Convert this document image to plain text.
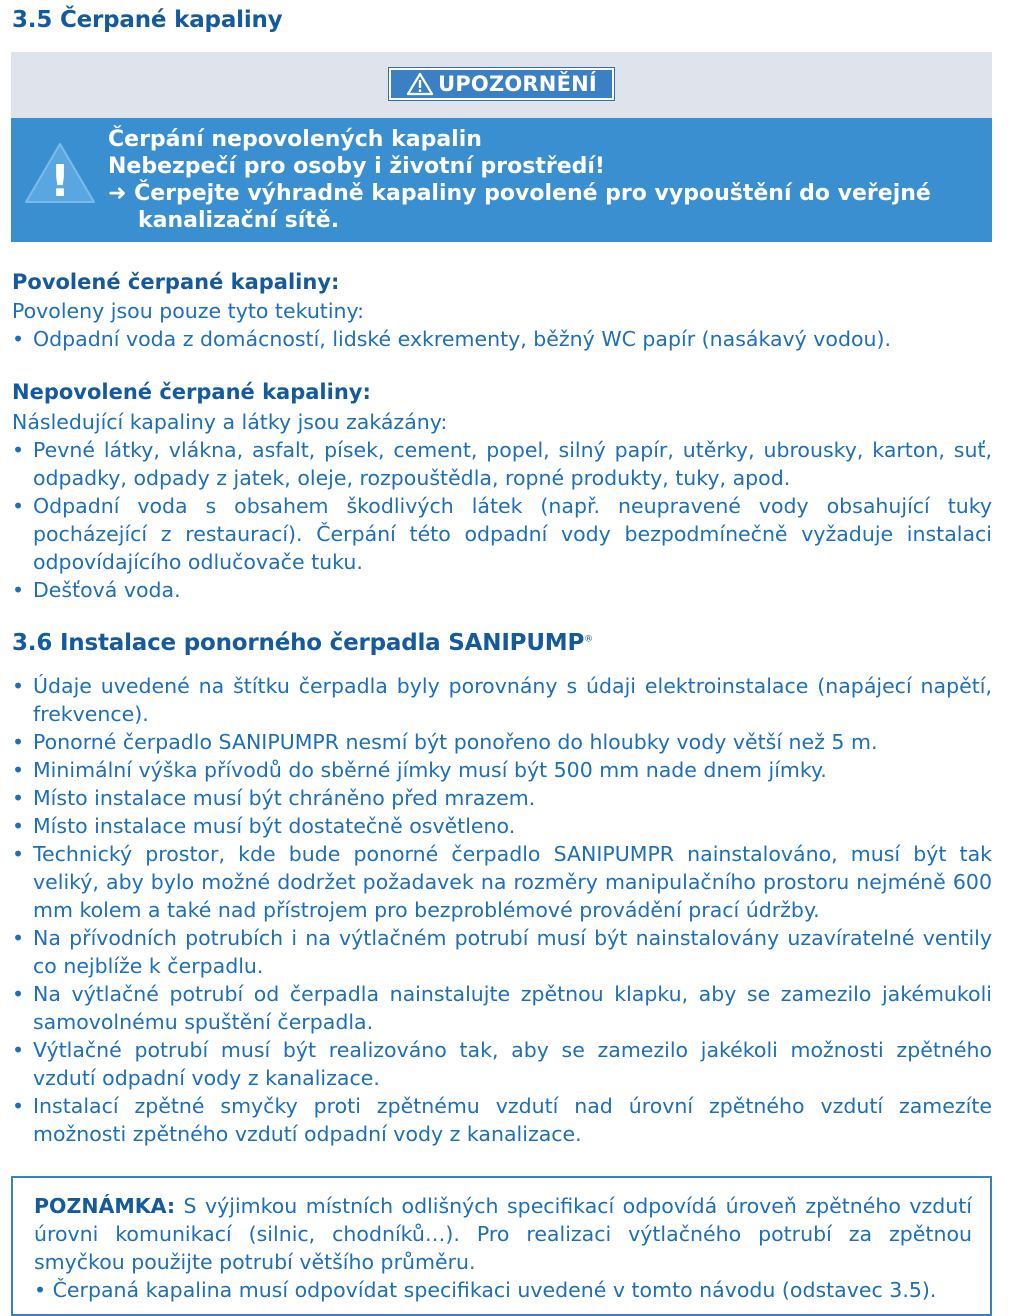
3.5 Čerpané kapaliny
UPOZORNĚNÍ
!
Čerpání nepovolených kapalin
Nebezpečí pro osoby i životní prostředí!
➜ Čerpejte výhradně kapaliny povolené pro vypouštění do veřejné kanalizační sítě.
Povolené čerpané kapaliny:

Povoleny jsou pouze tyto tekutiny:

• Odpadní voda z domácností, lidské exkrementy, běžný WC papír (nasákavý vodou).
Nepovolené čerpané kapaliny:

Následující kapaliny a látky jsou zakázány:

• Pevné látky, vlákna, asfalt, písek, cement, popel, silný papír, utěrky, ubrousky, karton, suť, odpadky, odpady z jatek, oleje, rozpouštědla, ropné produkty, tuky, apod.
• Odpadní voda s obsahem škodlivých látek (např. neupravené vody obsahující tuky pocházející z restaurací). Čerpání této odpadní vody bezpodmínečně vyžaduje instalaci odpovídajícího odlučovače tuku.
• Dešťová voda.
3.6 Instalace ponorného čerpadla SANIPUMP®
• Údaje uvedené na štítku čerpadla byly porovnány s údaji elektroinstalace (napájecí napětí, frekvence).
• Ponorné čerpadlo SANIPUMPR nesmí být ponořeno do hloubky vody větší než 5 m.
• Minimální výška přívodů do sběrné jímky musí být 500 mm nade dnem jímky.
• Místo instalace musí být chráněno před mrazem.
• Místo instalace musí být dostatečně osvětleno.
• Technický prostor, kde bude ponorné čerpadlo SANIPUMPR nainstalováno, musí být tak veliký, aby bylo možné dodržet požadavek na rozměry manipulačního prostoru nejméně 600 mm kolem a také nad přístrojem pro bezproblémové provádění prací údržby.
• Na přívodních potrubích i na výtlačném potrubí musí být nainstalovány uzavíratelné ventily co nejblíže k čerpadlu.
• Na výtlačné potrubí od čerpadla nainstalujte zpětnou klapku, aby se zamezilo jakémukoli samovolnému spuštění čerpadla.
• Výtlačné potrubí musí být realizováno tak, aby se zamezilo jakékoli možnosti zpětného vzdutí odpadní vody z kanalizace.
• Instalací zpětné smyčky proti zpětnému vzdutí nad úrovní zpětného vzdutí zamezíte možnosti zpětného vzdutí odpadní vody z kanalizace.

POZNÁMKA: S výjimkou místních odlišných specifikací odpovídá úroveň zpětného vzdutí úrovni komunikací (silnic, chodníků…). Pro realizaci výtlačného potrubí za zpětnou smyčkou použijte potrubí většího průměru.

• Čerpaná kapalina musí odpovídat specifikaci uvedené v tomto návodu (odstavec 3.5).
